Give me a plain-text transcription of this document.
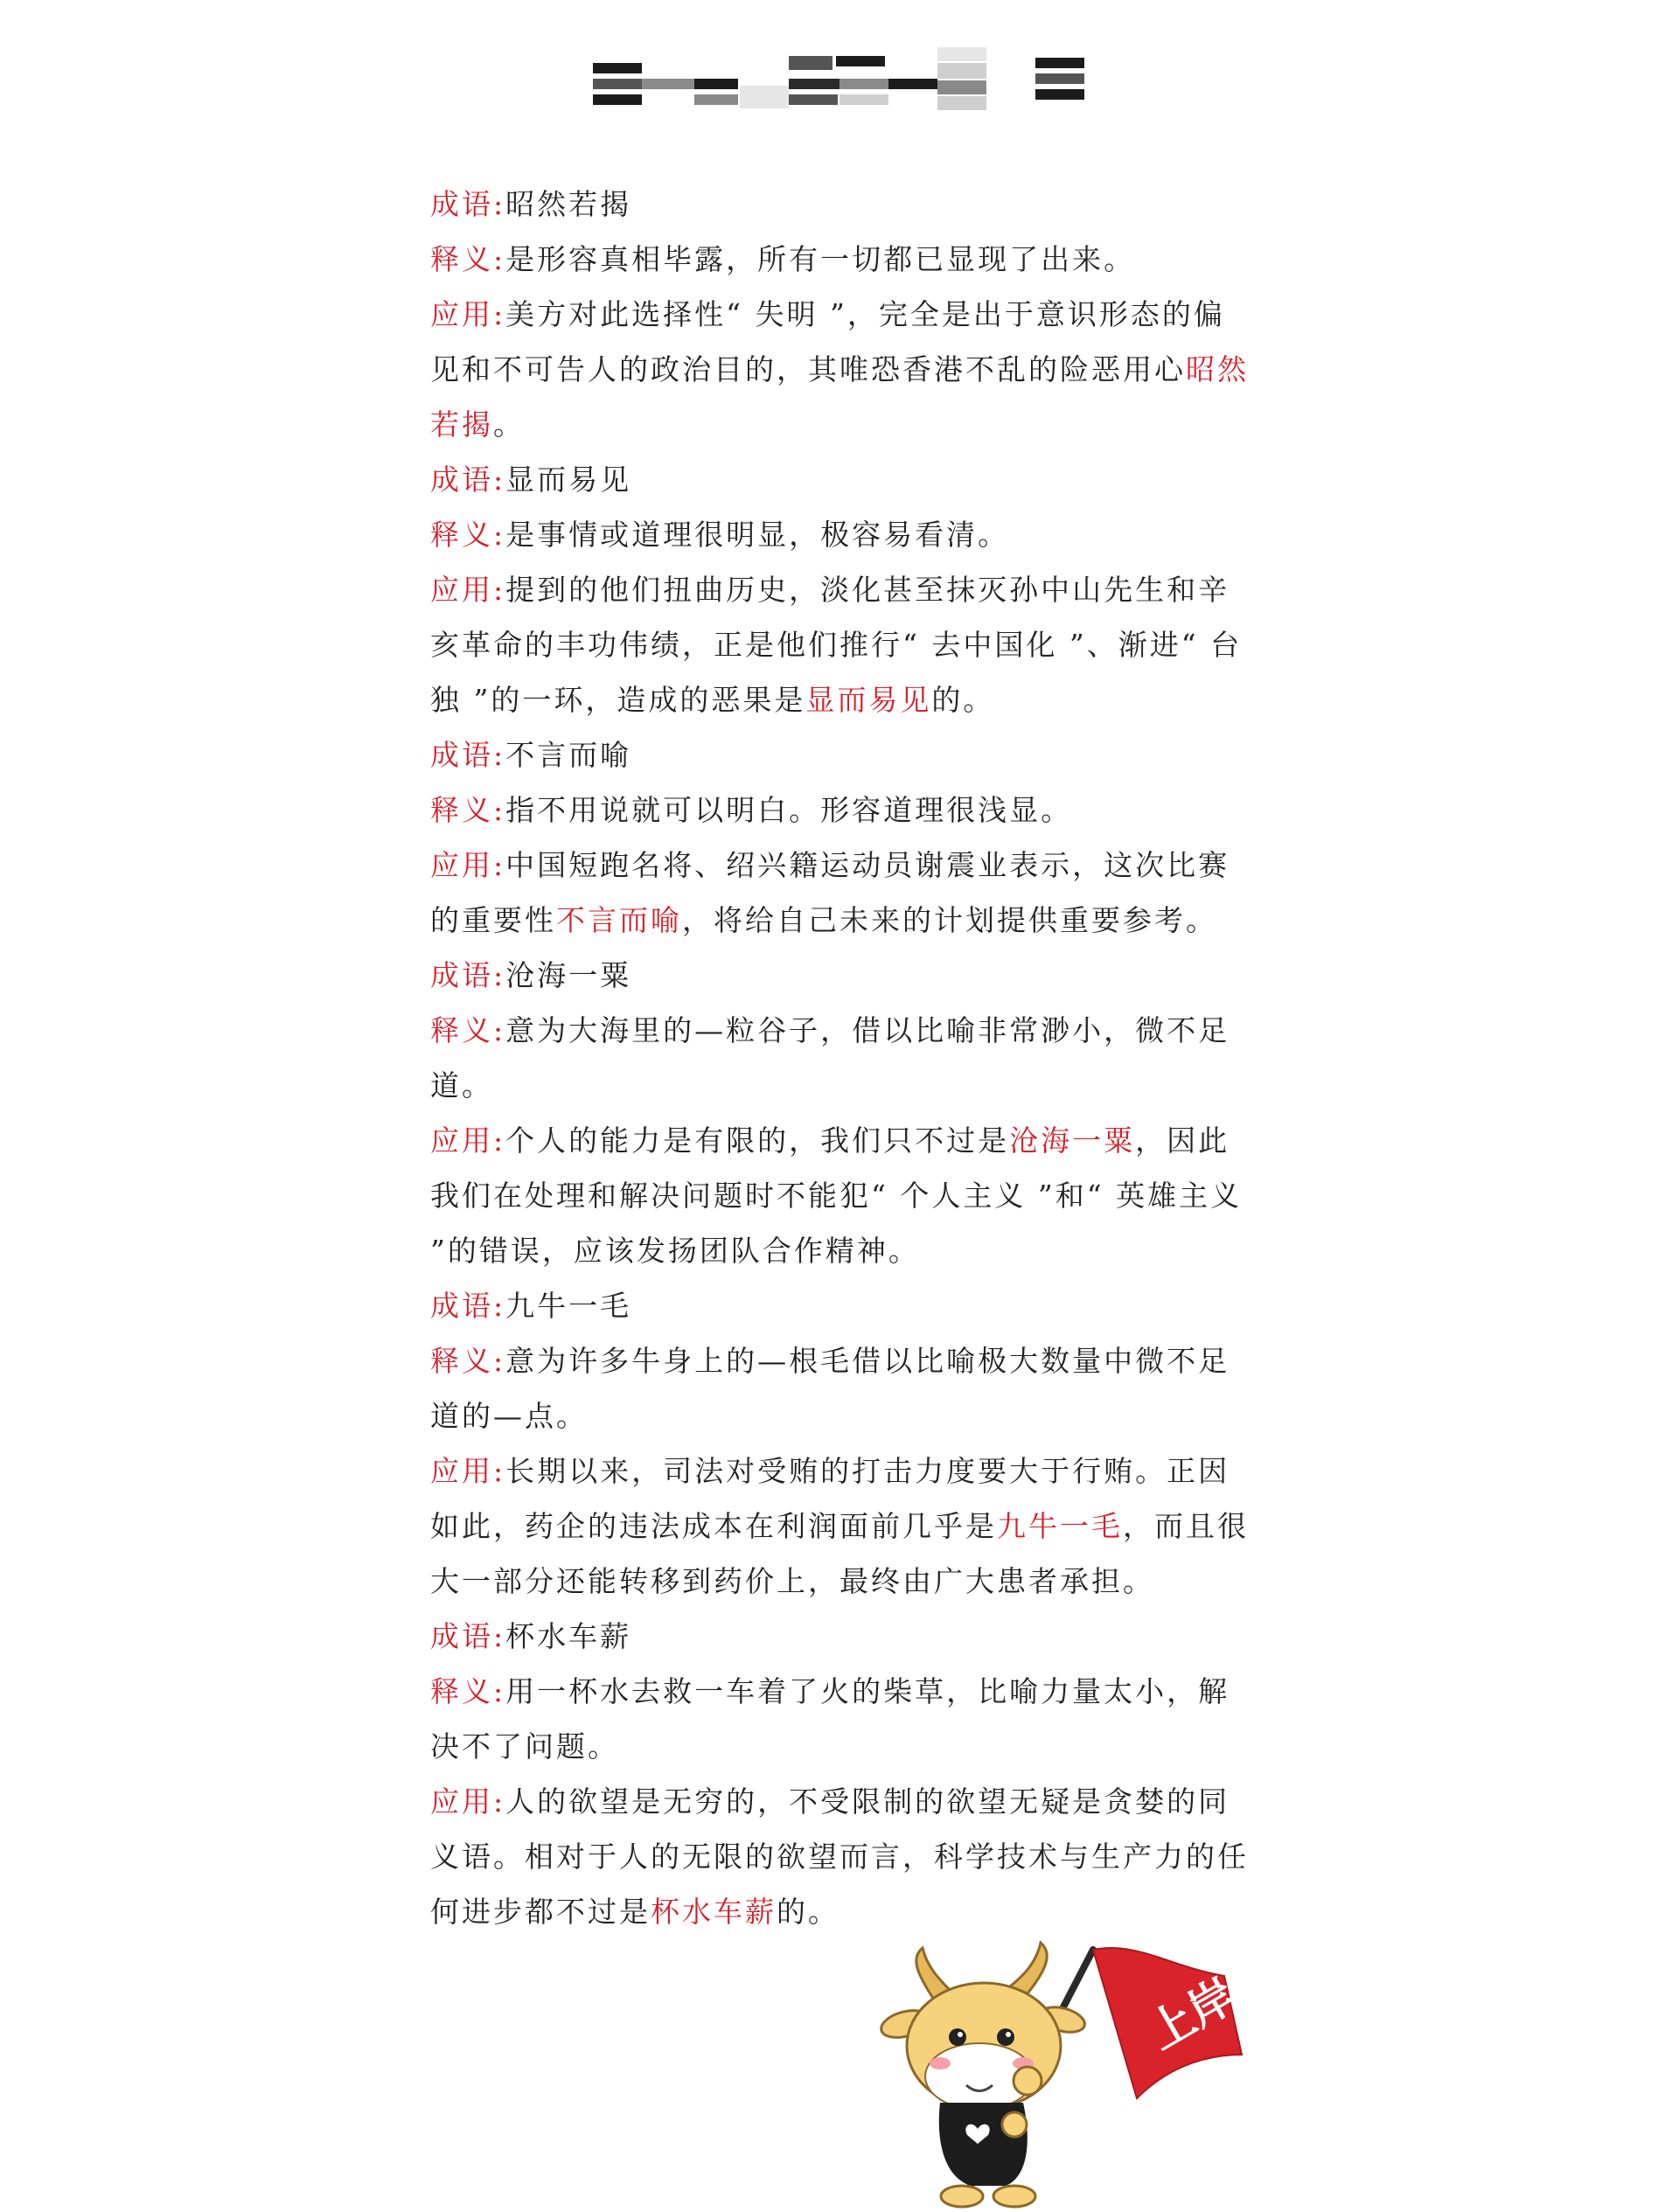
成语:昭然若揭
释义:是形容真相毕露，所有一切都已显现了出来。
应用:美方对此选择性“ 失明 ”，完全是出于意识形态的偏
见和不可告人的政治目的，其唯恐香港不乱的险恶用心昭然
若揭。
成语:显而易见
释义:是事情或道理很明显，极容易看清。
应用:提到的他们扭曲历史，淡化甚至抹灭孙中山先生和辛
亥革命的丰功伟绩，正是他们推行“ 去中国化 ”、渐进“ 台
独 ”的一环，造成的恶果是显而易见的。
成语:不言而喻
释义:指不用说就可以明白。形容道理很浅显。
应用:中国短跑名将、绍兴籍运动员谢震业表示，这次比赛
的重要性不言而喻，将给自己未来的计划提供重要参考。
成语:沧海一粟
释义:意为大海里的—粒谷子，借以比喻非常渺小，微不足
道。
应用:个人的能力是有限的，我们只不过是沧海一粟，因此
我们在处理和解决问题时不能犯“ 个人主义 ”和“ 英雄主义
”的错误，应该发扬团队合作精神。
成语:九牛一毛
释义:意为许多牛身上的—根毛借以比喻极大数量中微不足
道的—点。
应用:长期以来，司法对受贿的打击力度要大于行贿。正因
如此，药企的违法成本在利润面前几乎是九牛一毛，而且很
大一部分还能转移到药价上，最终由广大患者承担。
成语:杯水车薪
释义:用一杯水去救一车着了火的柴草，比喻力量太小，解
决不了问题。
应用:人的欲望是无穷的，不受限制的欲望无疑是贪婪的同
义语。相对于人的无限的欲望而言，科学技术与生产力的任
何进步都不过是杯水车薪的。
上岸
